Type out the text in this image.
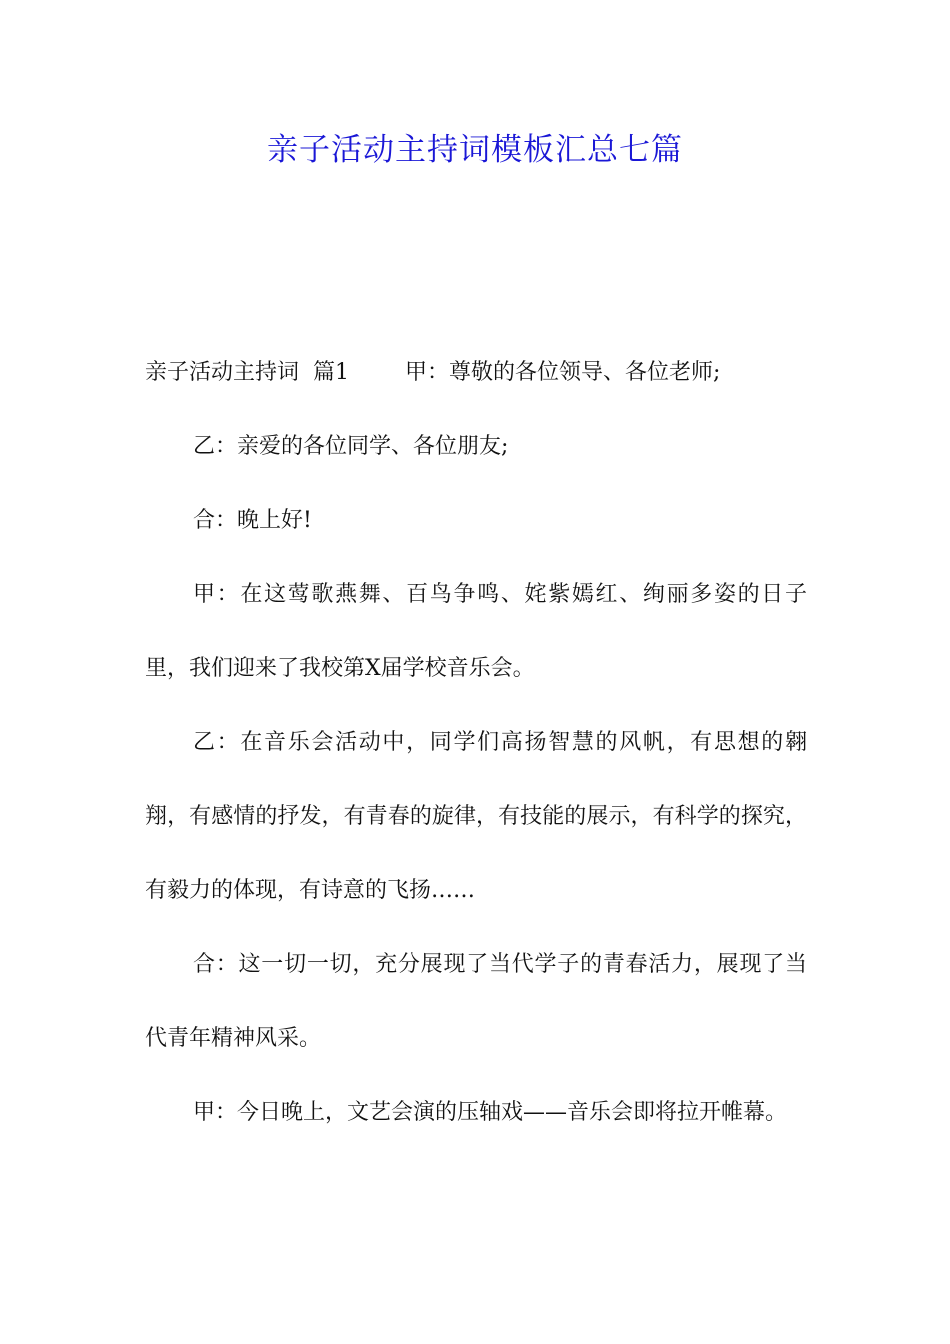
亲子活动主持词模板汇总七篇

亲子活动主持词  篇1	甲：尊敬的各位领导、各位老师;

乙：亲爱的各位同学、各位朋友;

合：晚上好!

甲：在这莺歌燕舞、百鸟争鸣、姹紫嫣红、绚丽多姿的日子里，我们迎来了我校第X届学校音乐会。

乙：在音乐会活动中，同学们高扬智慧的风帆，有思想的翱翔，有感情的抒发，有青春的旋律，有技能的展示，有科学的探究，有毅力的体现，有诗意的飞扬……

合：这一切一切，充分展现了当代学子的青春活力，展现了当代青年精神风采。

甲：今日晚上，文艺会演的压轴戏——音乐会即将拉开帷幕。
